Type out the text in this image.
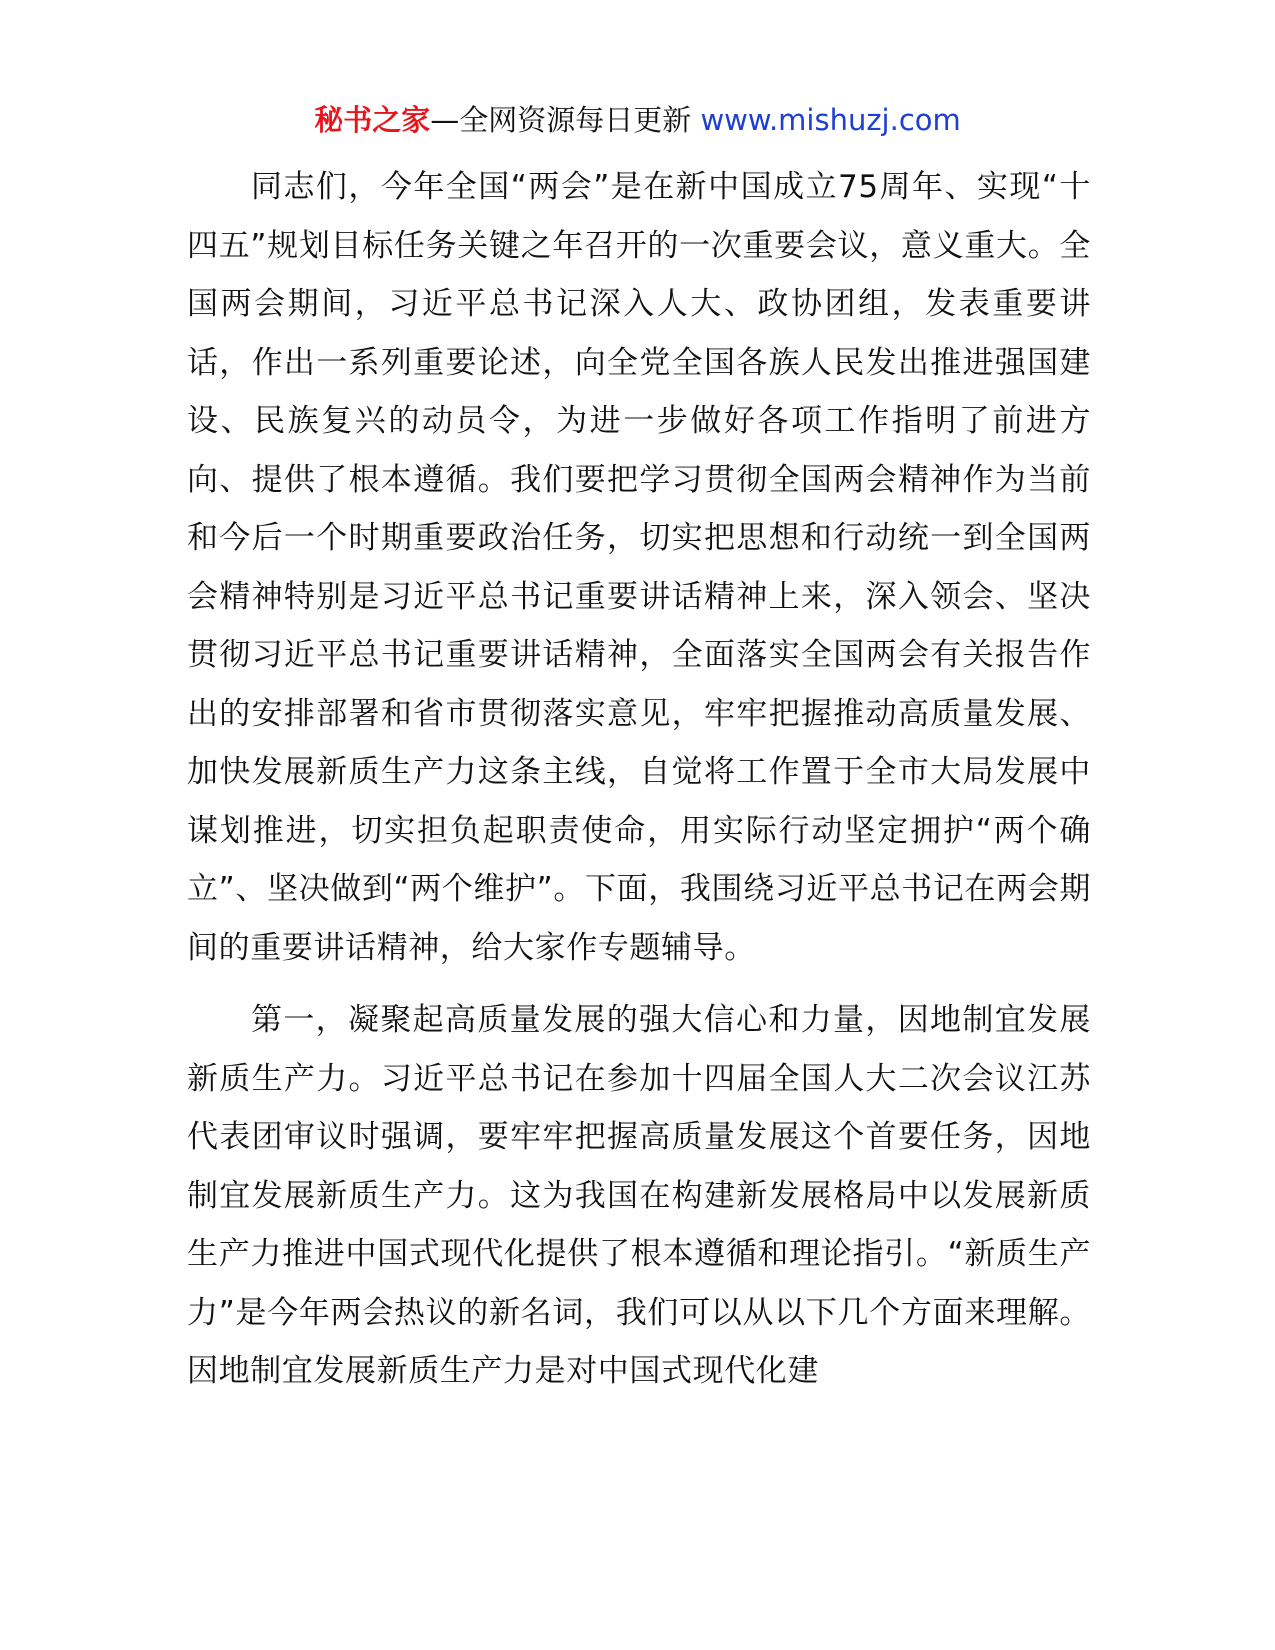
秘书之家—全网资源每日更新 www.mishuzj.com

同志们，今年全国“两会”是在新中国成立75周年、实现“十四五”规划目标任务关键之年召开的一次重要会议，意义重大。全国两会期间，习近平总书记深入人大、政协团组，发表重要讲话，作出一系列重要论述，向全党全国各族人民发出推进强国建设、民族复兴的动员令，为进一步做好各项工作指明了前进方向、提供了根本遵循。我们要把学习贯彻全国两会精神作为当前和今后一个时期重要政治任务，切实把思想和行动统一到全国两会精神特别是习近平总书记重要讲话精神上来，深入领会、坚决贯彻习近平总书记重要讲话精神，全面落实全国两会有关报告作出的安排部署和省市贯彻落实意见，牢牢把握推动高质量发展、加快发展新质生产力这条主线，自觉将工作置于全市大局发展中谋划推进，切实担负起职责使命，用实际行动坚定拥护“两个确立”、坚决做到“两个维护”。下面，我围绕习近平总书记在两会期间的重要讲话精神，给大家作专题辅导。

第一，凝聚起高质量发展的强大信心和力量，因地制宜发展新质生产力。习近平总书记在参加十四届全国人大二次会议江苏代表团审议时强调，要牢牢把握高质量发展这个首要任务，因地制宜发展新质生产力。这为我国在构建新发展格局中以发展新质生产力推进中国式现代化提供了根本遵循和理论指引。“新质生产力”是今年两会热议的新名词，我们可以从以下几个方面来理解。因地制宜发展新质生产力是对中国式现代化建
